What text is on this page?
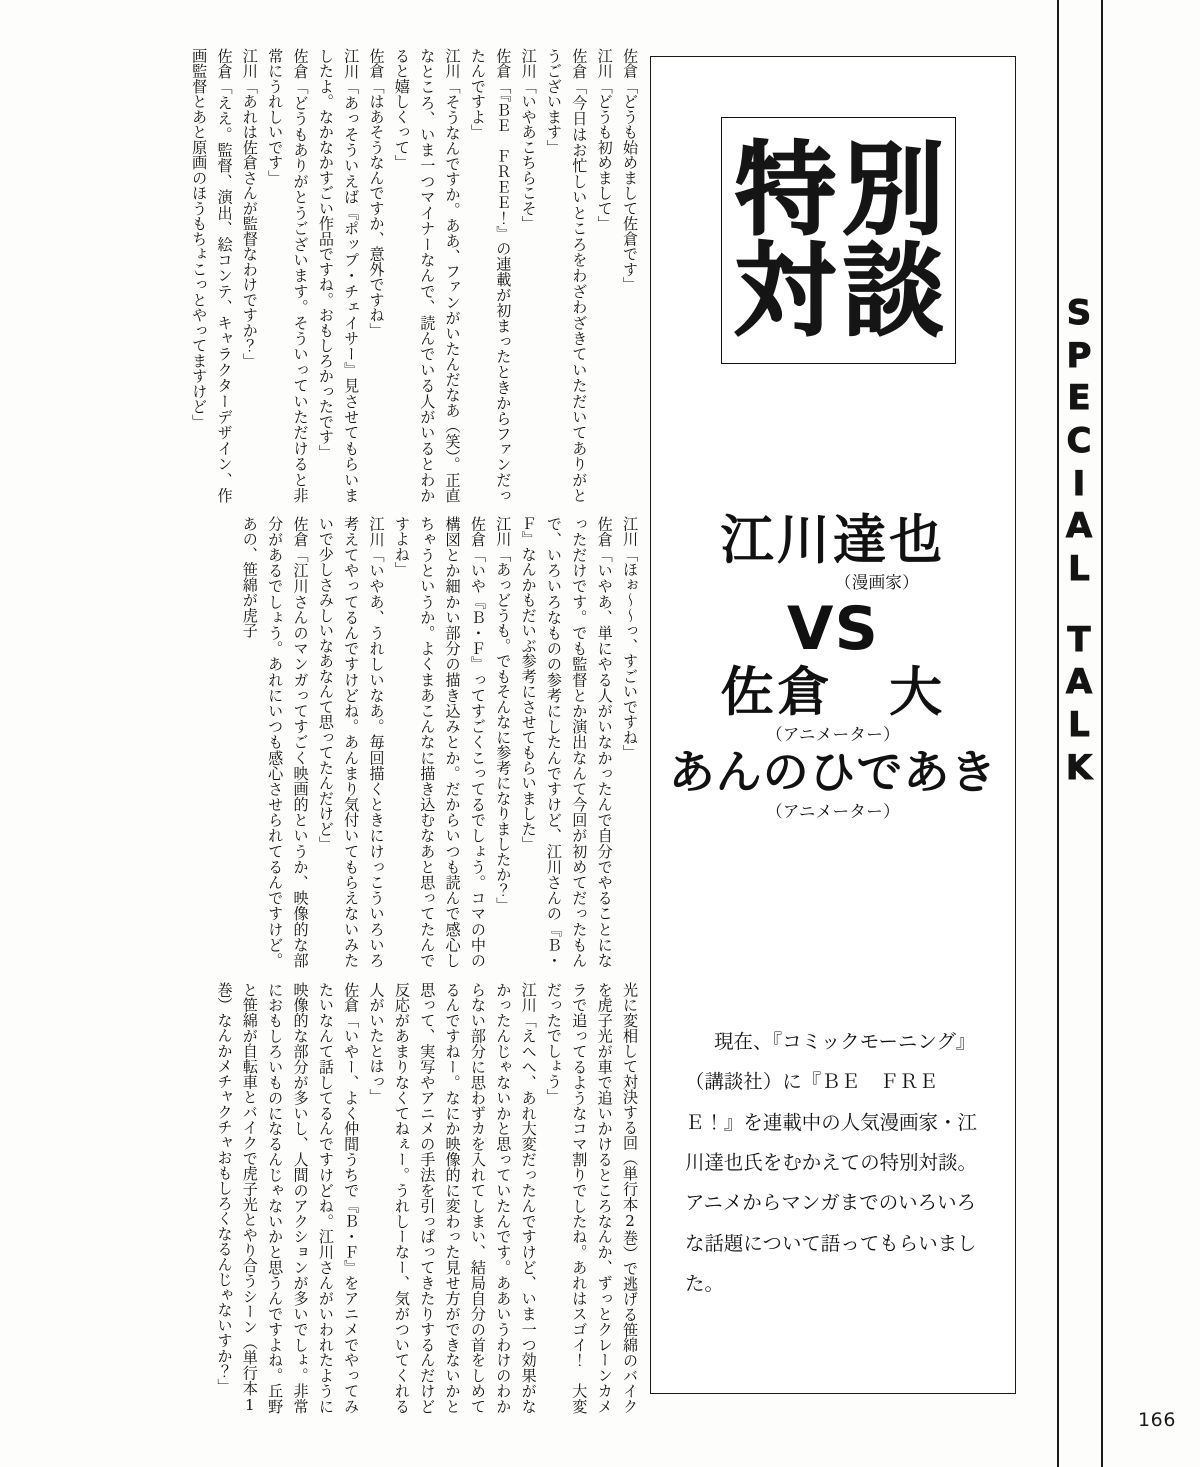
佐倉「どうも始めまして佐倉です」

江川「どうも初めまして」

佐倉「今日はお忙しいところをわざわざきていただいてありがとうございます」

江川「いやあこちらこそ」

佐倉「『ＢＥ　ＦＲＥＥ！』の連載が初まったときからファンだったんですよ」

江川「そうなんですか。ああ、ファンがいたんだなあ（笑）。正直なところ、いま一つマイナーなんで、読んでいる人がいるとわかると嬉しくって」

佐倉「はあそうなんですか、意外ですね」

江川「あっそういえば『ポップ・チェイサー』見させてもらいましたよ。なかなかすごい作品ですね。おもしろかったです」

佐倉「どうもありがとうございます。そういっていただけると非常にうれしいです」

江川「あれは佐倉さんが監督なわけですか？」

佐倉「ええ。監督、演出、絵コンテ、キャラクターデザイン、作画監督とあと原画のほうもちょこっとやってますけど」

江川「ほぉ〜〜っ、すごいですね」

佐倉「いやあ、単にやる人がいなかったんで自分でやることになっただけです。でも監督とか演出なんて今回が初めてだったもんで、いろいろなものの参考にしたんですけど、江川さんの『Ｂ・Ｆ』なんかもだいぶ参考にさせてもらいました」

江川「あっどうも。でもそんなに参考になりましたか？」

佐倉「いや『Ｂ・Ｆ』ってすごくこってるでしょう。コマの中の構図とか細かい部分の描き込みとか。だからいつも読んで感心しちゃうというか。よくまあこんなに描き込むなあと思ってたんですよね」

江川「いやあ、うれしいなあ。毎回描くときにけっこういろいろ考えてやってるんですけどね。あんまり気付いてもらえないみたいで少しさみしいなあなんて思ってたんだけど」

佐倉「江川さんのマンガってすごく映画的というか、映像的な部分があるでしょう。あれにいつも感心させられてるんですけど。あの、笹綿が虎子

光に変相して対決する回（単行本2巻）で逃げる笹綿のバイクを虎子光が車で追いかけるところなんか、ずっとクレーンカメラで追ってるようなコマ割りでしたね。あれはスゴイ！　大変だったでしょう」

江川「えへへ、あれ大変だったんですけど、いま一つ効果がなかったんじゃないかと思っていたんです。ああいうわけのわからない部分に思わずカを入れてしまい、結局自分の首をしめてるんですねー。なにか映像的に変わった見せ方ができないかと思って、実写やアニメの手法を引っぱってきたりするんだけど反応があまりなくてねぇー。うれしーなー、気がついてくれる人がいたとはっ」

佐倉「いやー、よく仲間うちで『Ｂ・Ｆ』をアニメでやってみたいなんて話してるんですけどね。江川さんがいわれたように映像的な部分が多いし、人間のアクションが多いでしょ。非常におもしろいものになるんじゃないかと思うんですよね。丘野と笹綿が自転車とバイクで虎子光とやり合うシーン（単行本1巻）なんかメチャクチャおもしろくなるんじゃないすか？」

特 別
対 談
江川達也
（漫画家）
VS
佐倉　大
（アニメーター）
あんのひであき
（アニメーター）
現在、『コミックモーニング』（講談社）に『ＢＥ　ＦＲＥＥ！』を連載中の人気漫画家・江川達也氏をむかえての特別対談。アニメからマンガまでのいろいろな話題について語ってもらいました。
S
P
E
C
I
A
L
T
A
L
K
166
